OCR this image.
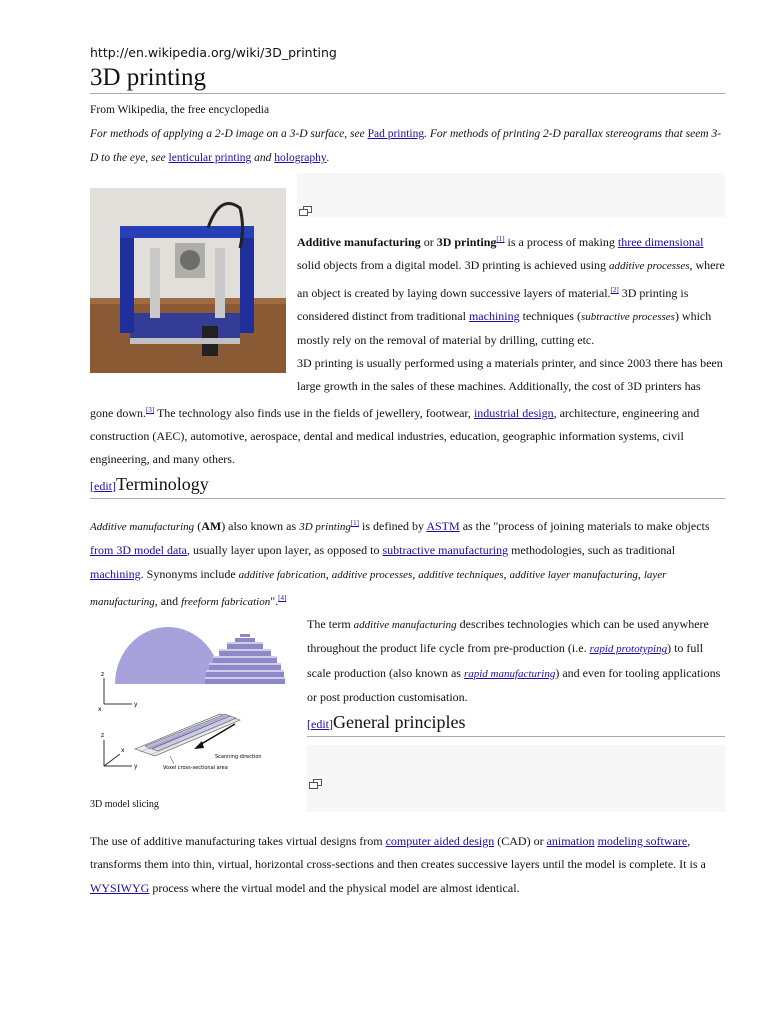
http://en.wikipedia.org/wiki/3D_printing
3D printing
From Wikipedia, the free encyclopedia
For methods of applying a 2-D image on a 3-D surface, see Pad printing. For methods of printing 2-D parallax stereograms that seem 3-D to the eye, see lenticular printing and holography.
Additive manufacturing or 3D printing[1] is a process of making three dimensional solid objects from a digital model. 3D printing is achieved using additive processes, where an object is created by laying down successive layers of material.[2] 3D printing is considered distinct from traditional machining techniques (subtractive processes) which mostly rely on the removal of material by drilling, cutting etc.
3D printing is usually performed using a materials printer, and since 2003 there has been large growth in the sales of these machines. Additionally, the cost of 3D printers has gone down.[3] The technology also finds use in the fields of jewellery, footwear, industrial design, architecture, engineering and construction (AEC), automotive, aerospace, dental and medical industries, education, geographic information systems, civil engineering, and many others.
[edit]Terminology
Additive manufacturing (AM) also known as 3D printing[1] is defined by ASTM as the "process of joining materials to make objects from 3D model data, usually layer upon layer, as opposed to subtractive manufacturing methodologies, such as traditional machining. Synonyms include additive fabrication, additive processes, additive techniques, additive layer manufacturing, layer manufacturing, and freeform fabrication".[4]
z
x
y
Scanning direction
Voxel cross-sectional area
z
x
y
3D model slicing
The term additive manufacturing describes technologies which can be used anywhere throughout the product life cycle from pre-production (i.e. rapid prototyping) to full scale production (also known as rapid manufacturing) and even for tooling applications or post production customisation.
[edit]General principles
The use of additive manufacturing takes virtual designs from computer aided design (CAD) or animation modeling software, transforms them into thin, virtual, horizontal cross-sections and then creates successive layers until the model is complete. It is a WYSIWYG process where the virtual model and the physical model are almost identical.
